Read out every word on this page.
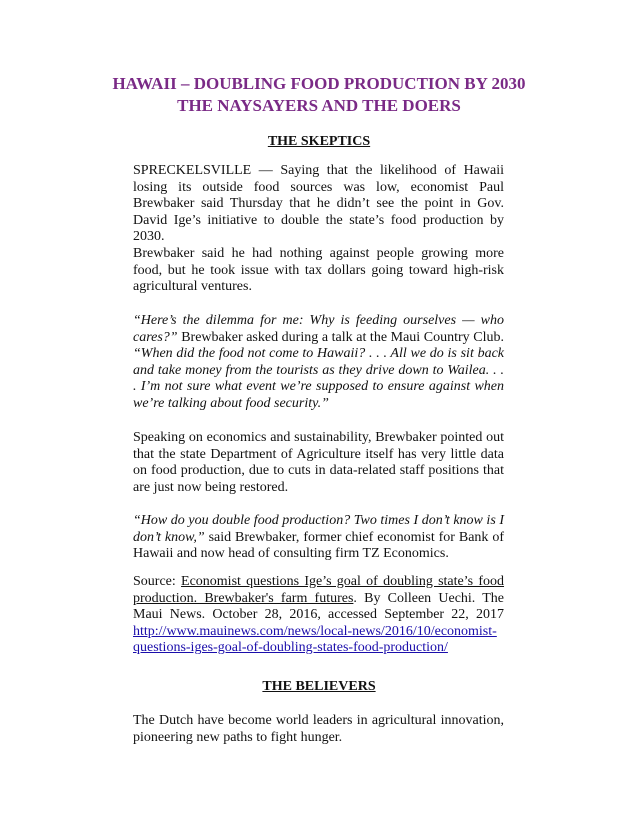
HAWAII – DOUBLING FOOD PRODUCTION BY 2030
THE NAYSAYERS AND THE DOERS
THE SKEPTICS

SPRECKELSVILLE — Saying that the likelihood of Hawaii losing its outside food sources was low, economist Paul Brewbaker said Thursday that he didn’t see the point in Gov. David Ige’s initiative to double the state’s food production by 2030.

Brewbaker said he had nothing against people growing more food, but he took issue with tax dollars going toward high-risk agricultural ventures.

“Here’s the dilemma for me: Why is feeding ourselves — who cares?” Brewbaker asked during a talk at the Maui Country Club. “When did the food not come to Hawaii? . . . All we do is sit back and take money from the tourists as they drive down to Wailea. . . . I’m not sure what event we’re supposed to ensure against when we’re talking about food security.”

Speaking on economics and sustainability, Brewbaker pointed out that the state Department of Agriculture itself has very little data on food production, due to cuts in data-related staff positions that are just now being restored.

“How do you double food production? Two times I don’t know is I don’t know,” said Brewbaker, former chief economist for Bank of Hawaii and now head of consulting firm TZ Economics.

Source: Economist questions Ige’s goal of doubling state’s food production. Brewbaker's farm futures. By Colleen Uechi. The Maui News. October 28, 2016, accessed September 22, 2017 http://www.mauinews.com/news/local-news/2016/10/economist-questions-iges-goal-of-doubling-states-food-production/

THE BELIEVERS

The Dutch have become world leaders in agricultural innovation, pioneering new paths to fight hunger.
